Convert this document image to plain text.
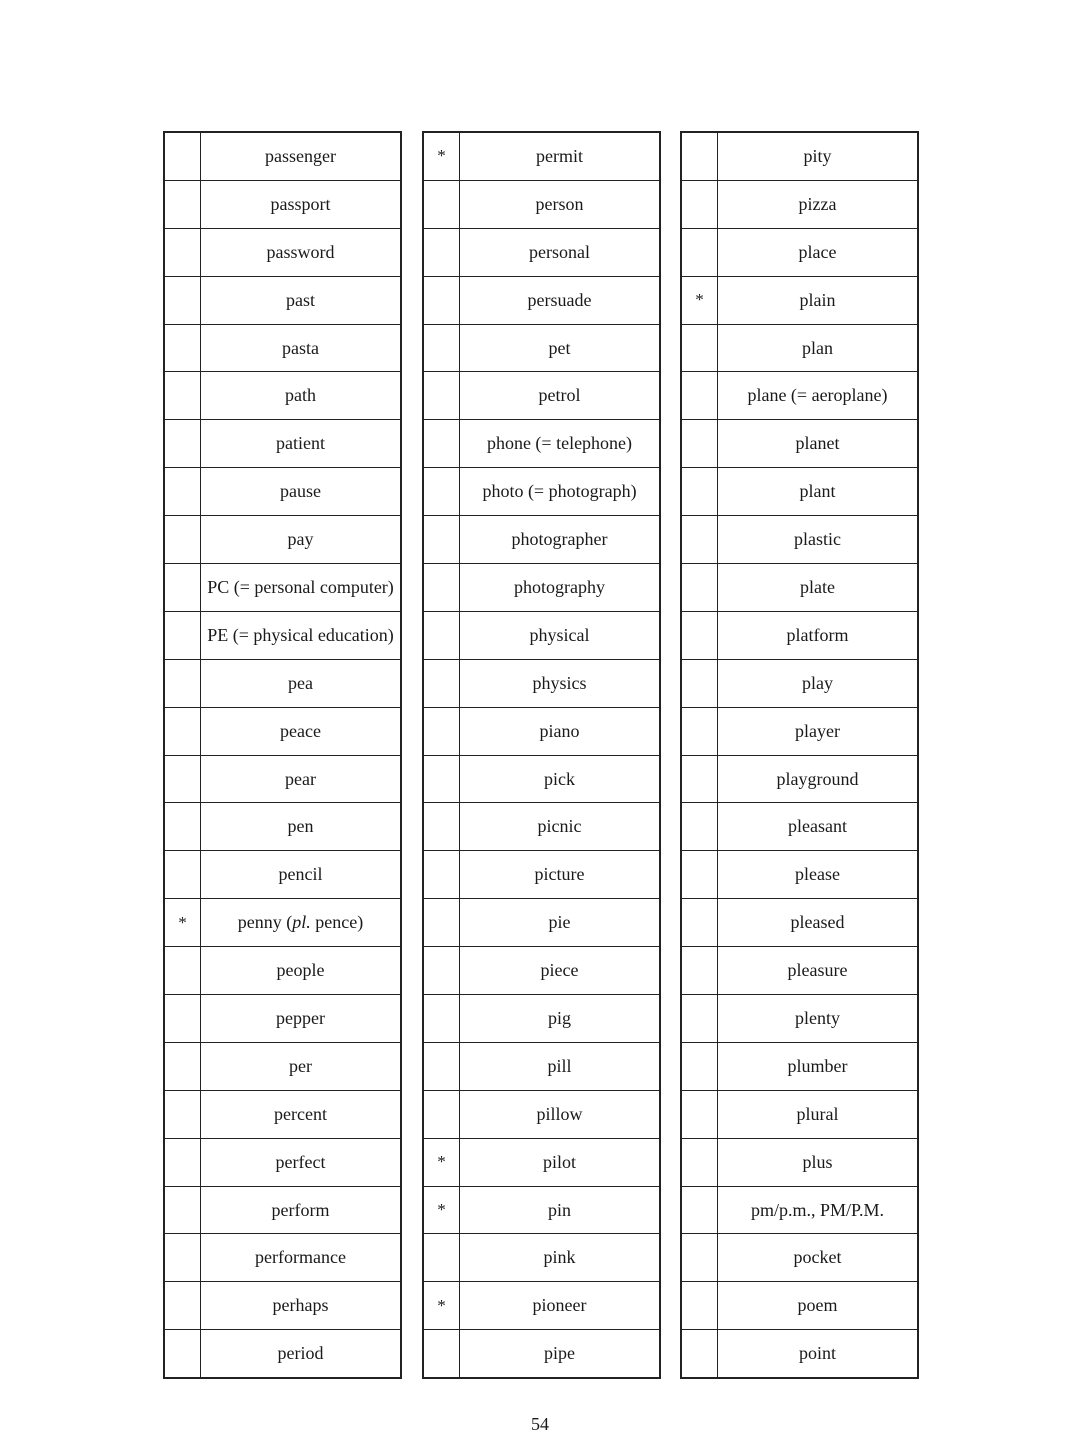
	passenger
	passport
	password
	past
	pasta
	path
	patient
	pause
	pay
	PC (= personal computer)
	PE (= physical education)
	pea
	peace
	pear
	pen
	pencil
*	penny (pl. pence)
	people
	pepper
	per
	percent
	perfect
	perform
	performance
	perhaps
	period
*	permit
	person
	personal
	persuade
	pet
	petrol
	phone (= telephone)
	photo (= photograph)
	photographer
	photography
	physical
	physics
	piano
	pick
	picnic
	picture
	pie
	piece
	pig
	pill
	pillow
*	pilot
*	pin
	pink
*	pioneer
	pipe
	pity
	pizza
	place
*	plain
	plan
	plane (= aeroplane)
	planet
	plant
	plastic
	plate
	platform
	play
	player
	playground
	pleasant
	please
	pleased
	pleasure
	plenty
	plumber
	plural
	plus
	pm/p.m., PM/P.M.
	pocket
	poem
	point
54
